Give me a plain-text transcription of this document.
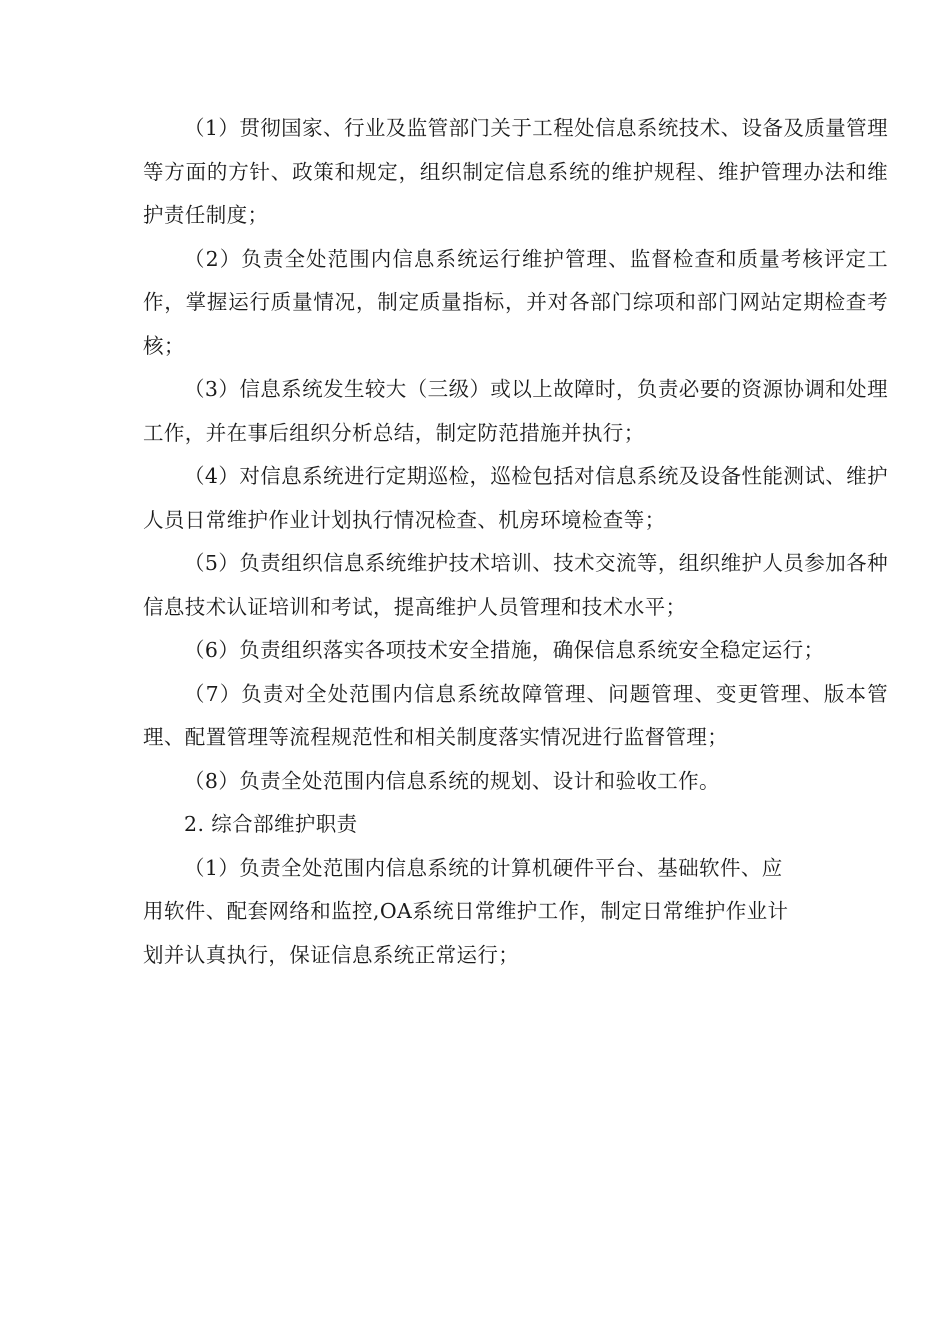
（1）贯彻国家、行业及监管部门关于工程处信息系统技术、设备及质量管理等方面的方针、政策和规定，组织制定信息系统的维护规程、维护管理办法和维护责任制度；

（2）负责全处范围内信息系统运行维护管理、监督检查和质量考核评定工作，掌握运行质量情况，制定质量指标，并对各部门综项和部门网站定期检查考核；

（3）信息系统发生较大（三级）或以上故障时，负责必要的资源协调和处理工作，并在事后组织分析总结，制定防范措施并执行；

（4）对信息系统进行定期巡检，巡检包括对信息系统及设备性能测试、维护人员日常维护作业计划执行情况检查、机房环境检查等；

（5）负责组织信息系统维护技术培训、技术交流等，组织维护人员参加各种信息技术认证培训和考试，提高维护人员管理和技术水平；

（6）负责组织落实各项技术安全措施，确保信息系统安全稳定运行；

（7）负责对全处范围内信息系统故障管理、问题管理、变更管理、版本管理、配置管理等流程规范性和相关制度落实情况进行监督管理；

（8）负责全处范围内信息系统的规划、设计和验收工作。

2. 综合部维护职责

（1）负责全处范围内信息系统的计算机硬件平台、基础软件、应用软件、配套网络和监控,OA系统日常维护工作，制定日常维护作业计划并认真执行，保证信息系统正常运行；
